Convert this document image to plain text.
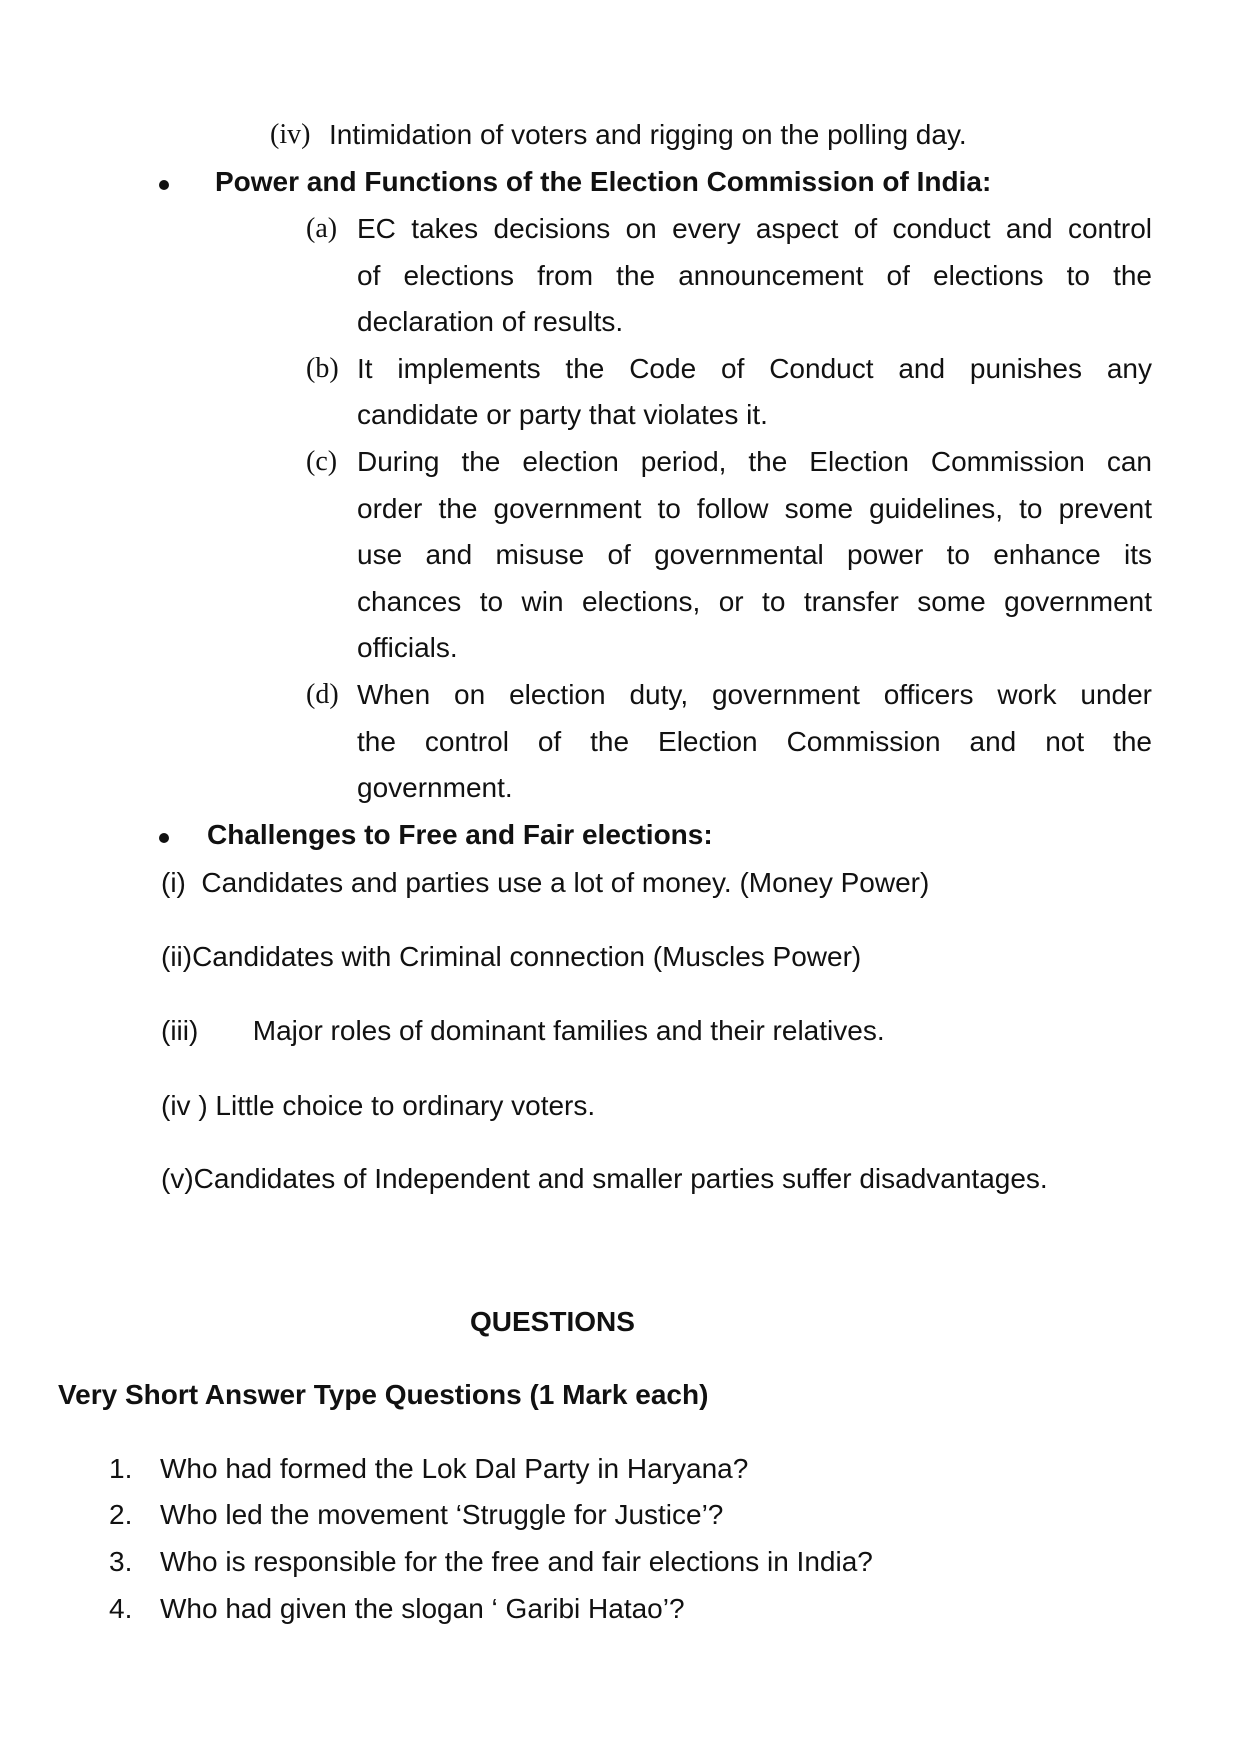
(iv) Intimidation of voters and rigging on the polling day.
Power and Functions of the Election Commission of India:
(a) EC takes decisions on every aspect of conduct and control
of elections from the announcement of elections to the
declaration of results.
(b) It implements the Code of Conduct and punishes any
candidate or party that violates it.
(c) During the election period, the Election Commission can
order the government to follow some guidelines, to prevent
use and misuse of governmental power to enhance its
chances to win elections, or to transfer some government
officials.
(d) When on election duty, government officers work under
the control of the Election Commission and not the
government.
Challenges to Free and Fair elections:
(i)  Candidates and parties use a lot of money. (Money Power)
(ii)Candidates with Criminal connection (Muscles Power)
(iii)       Major roles of dominant families and their relatives.
(iv ) Little choice to ordinary voters.
(v)Candidates of Independent and smaller parties suffer disadvantages.
QUESTIONS
Very Short Answer Type Questions (1 Mark each)
1. Who had formed the Lok Dal Party in Haryana?
2. Who led the movement ‘Struggle for Justice’?
3. Who is responsible for the free and fair elections in India?
4. Who had given the slogan ‘ Garibi Hatao’?
